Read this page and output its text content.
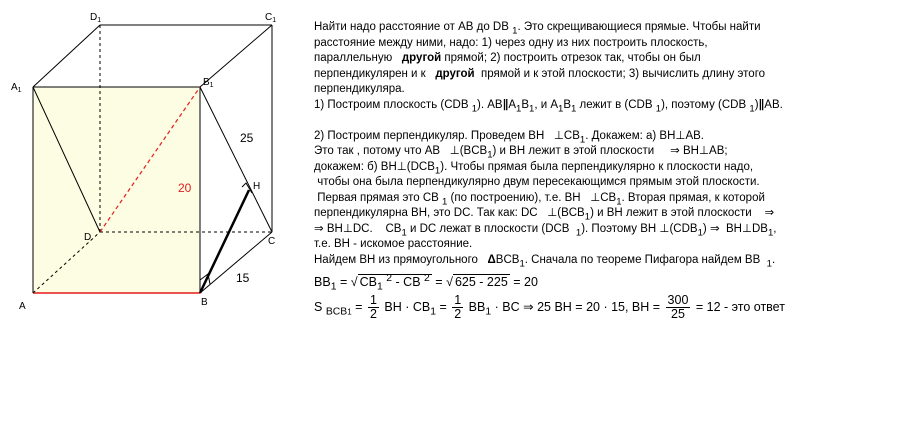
$D_1$	$C_1$
$A_1$
$B_1$
H
D	C
A	B
20
25
15
Найти надо расстояние от AB до DB $_1$. Это скрещивающиеся прямые. Чтобы найти
расстояние между ними, надо: 1) через одну из них построить плоскость,
параллельную другой прямой; 2) построить отрезок так, чтобы он был
перпендикулярен и к другой прямой и к этой плоскости; 3) вычислить длину этого
перпендикуляра.
1) Построим плоскость (CDB $_1$). $AB\parallel A_1B_1$, и $A_1B_1$ лежит в (CDB $_1$), поэтому (CDB $_1$)∥AB.
2) Построим перпендикуляр. Проведем BH $\perp CB_1$. Докажем: а) BH⊥AB.
Это так , потому что AB $\perp(BCB_1)$ и BH лежит в этой плоскости ⇒ BH⊥AB;
докажем: б) $BH\perp(DCB_1)$. Чтобы прямая была перпендикулярно к плоскости надо,
чтобы она была перпендикулярно двум пересекающимся прямым этой плоскости.
Первая прямая это CB $_1$ (по построению), т.е. BH $\perp CB_1$. Вторая прямая, к которой
перпендикулярна BH, это DC. Так как: DC $\perp(BCB_1)$ и BH лежит в этой плоскости ⇒
⇒ BH⊥DC. $CB_1$ и DC лежат в плоскости (DCB $_1$). Поэтому BH $\perp(CDB_1)$ ⇒ $BH\perp DB_1$,
т.е. BH - искомое расстояние.
Найдем BH из прямоугольного $\Delta BCB_1$. Сначала по теореме Пифагора найдем BB $_1$.
$BB_1$ = √ $CB_1$ $^2$ - CB $^2$ = √ 625 - 225 = 20
S $_{BCB1} = \frac{1}{2}$ BH · $CB_1 = \frac{1}{2} BB_1$ · BC ⇒ 25 BH = 20 · 15, BH = $\frac{300}{25} = 12$ - это ответ
